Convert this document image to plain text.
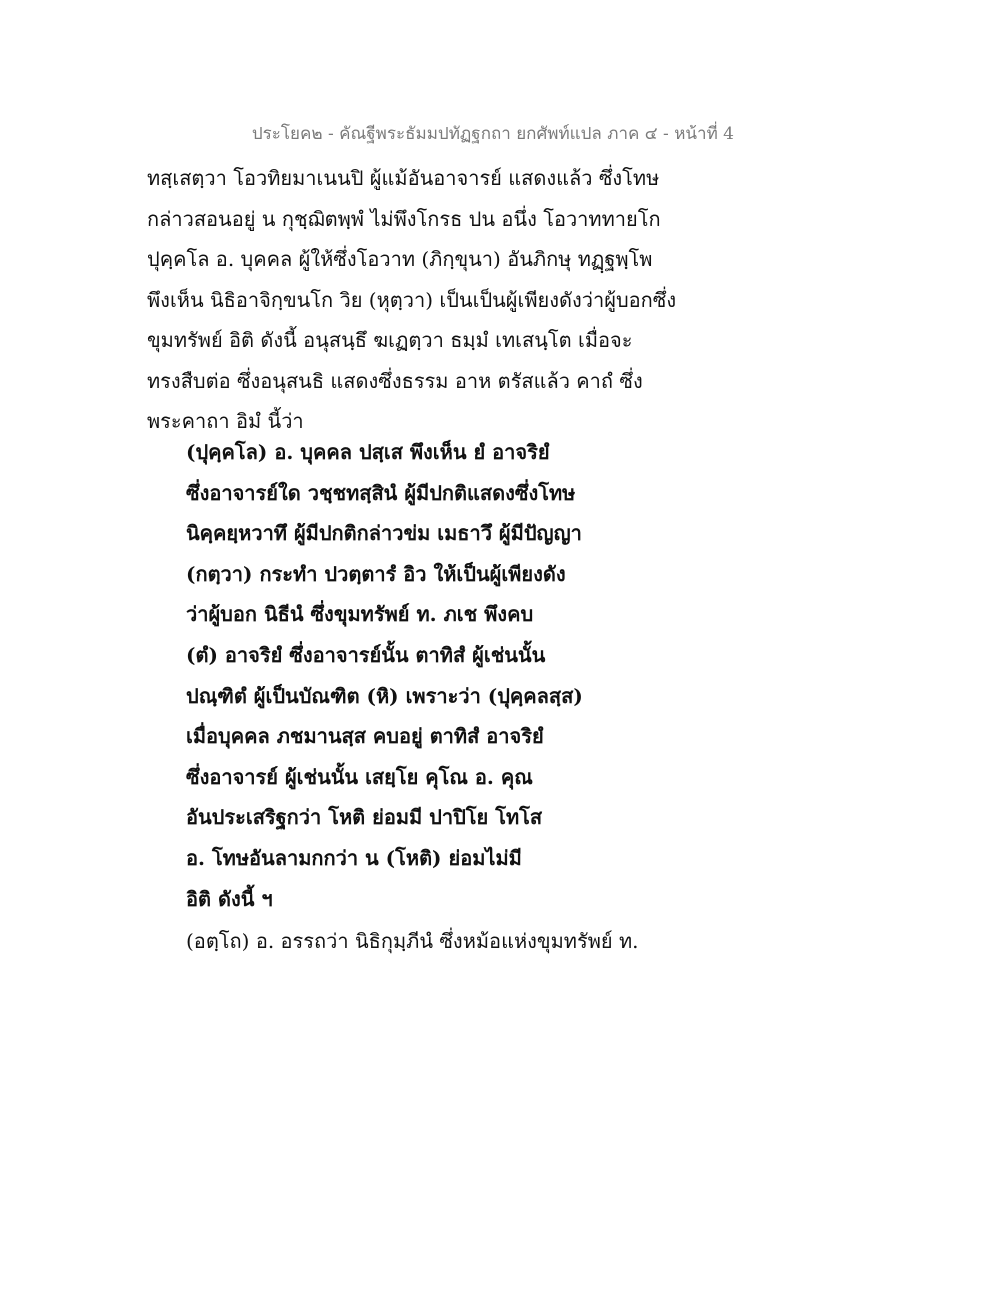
ประโยค๒ - คัณฐีพระธัมมปทัฏฐกถา ยกศัพท์แปล ภาค ๔ - หน้าที่ 4
ทสฺเสตฺวา โอวทิยมาเนนปิ ผู้แม้อันอาจารย์ แสดงแล้ว ซึ่งโทษ
กล่าวสอนอยู่ น กุชฺฌิตพฺพํ ไม่พึงโกรธ ปน อนึ่ง โอวาททายโก
ปุคฺคโล อ. บุคคล ผู้ให้ซึ่งโอวาท (ภิกฺขุนา) อันภิกษุ ทฏฺฐพฺโพ
พึงเห็น นิธิอาจิกฺขนโก วิย (หุตฺวา) เป็นเป็นผู้เพียงดังว่าผู้บอกซึ่ง
ขุมทรัพย์ อิติ ดังนี้ อนุสนฺธึ ฆเฏตฺวา ธมฺมํ เทเสนฺโต เมื่อจะ
ทรงสืบต่อ ซึ่งอนุสนธิ แสดงซึ่งธรรม อาห ตรัสแล้ว คาถํ ซึ่ง
พระคาถา อิมํ นี้ว่า
(ปุคฺคโล) อ. บุคคล ปสฺเส พึงเห็น ยํ อาจริยํ
ซึ่งอาจารย์ใด วชฺชทสฺสินํ ผู้มีปกติแสดงซึ่งโทษ
นิคฺคยฺหวาทึ ผู้มีปกติกล่าวข่ม เมธาวึ ผู้มีปัญญา
(กตฺวา) กระทำ ปวตฺตารํ อิว ให้เป็นผู้เพียงดัง
ว่าผู้บอก นิธีนํ ซึ่งขุมทรัพย์ ท. ภเช พึงคบ
(ตํ) อาจริยํ ซึ่งอาจารย์นั้น ตาทิสํ ผู้เช่นนั้น
ปณฺฑิตํ ผู้เป็นบัณฑิต (หิ) เพราะว่า (ปุคฺคลสฺส)
เมื่อบุคคล ภชมานสฺส คบอยู่ ตาทิสํ อาจริยํ
ซึ่งอาจารย์ ผู้เช่นนั้น เสยฺโย คุโณ อ. คุณ
อันประเสริฐกว่า โหติ ย่อมมี ปาปิโย โทโส
อ. โทษอันลามกกว่า น (โหติ) ย่อมไม่มี
อิติ ดังนี้ ฯ
(อตฺโถ) อ. อรรถว่า นิธิกุมฺภีนํ ซึ่งหม้อแห่งขุมทรัพย์ ท.
